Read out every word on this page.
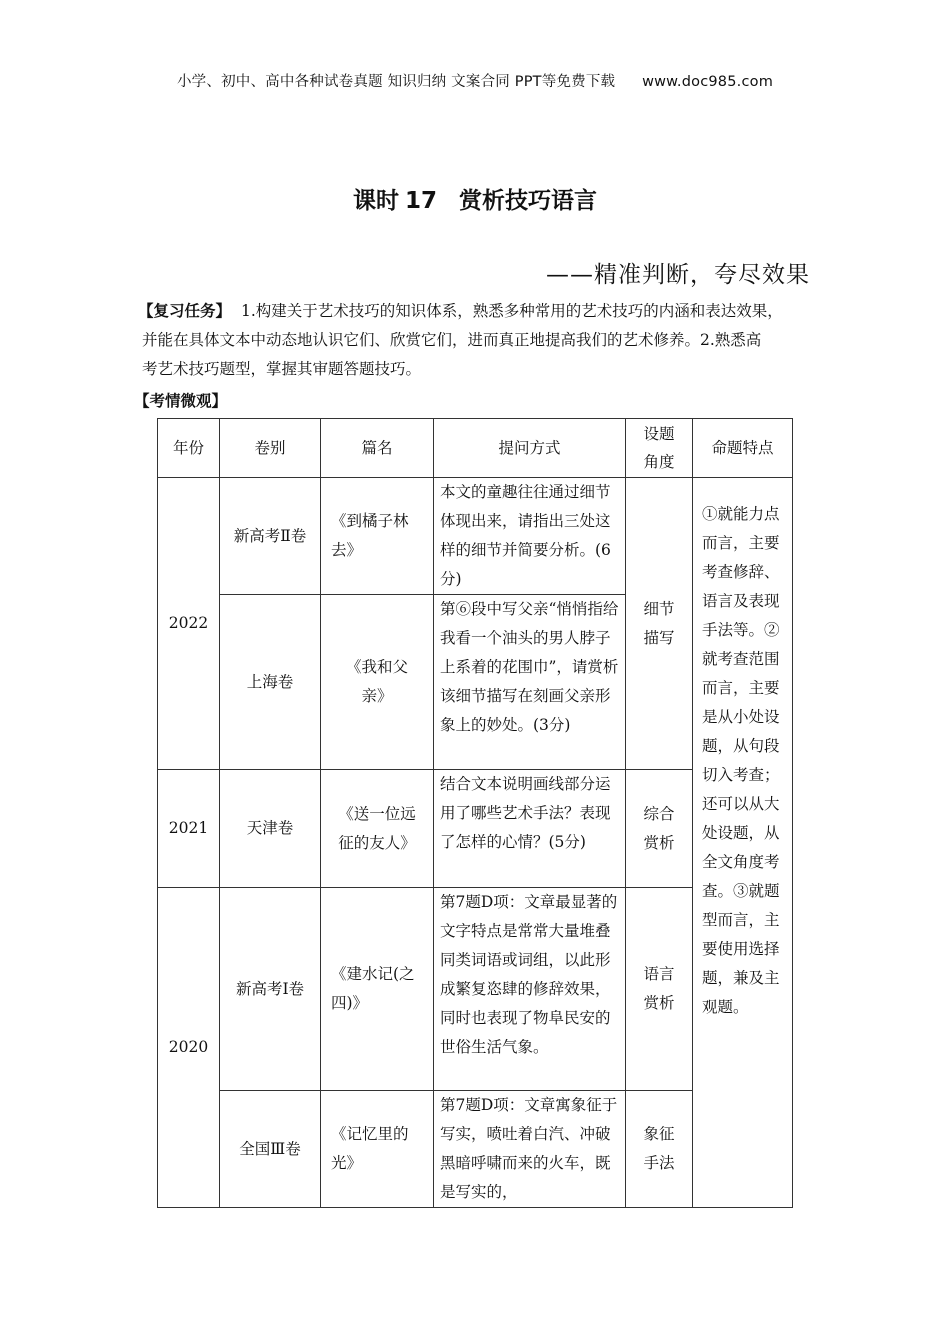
小学、初中、高中各种试卷真题 知识归纳 文案合同 PPT等免费下载 www.doc985.com
课时 17 赏析技巧语言
——精准判断，夸尽效果
【复习任务】 1.构建关于艺术技巧的知识体系，熟悉多种常用的艺术技巧的内涵和表达效果，
并能在具体文本中动态地认识它们、欣赏它们，进而真正地提高我们的艺术修养。2.熟悉高
考艺术技巧题型，掌握其审题答题技巧。
【考情微观】
年份	卷别	篇名	提问方式	设题角度	命题特点
2022	新高考Ⅱ卷	《到橘子林去》	本文的童趣往往通过细节体现出来，请指出三处这样的细节并简要分析。(6分)	细节描写	①就能力点而言，主要考查修辞、语言及表现手法等。②就考查范围而言，主要是从小处设题，从句段切入考查；还可以从大处设题，从全文角度考查。③就题型而言，主要使用选择题，兼及主观题。

	上海卷	《我和父亲》	第⑥段中写父亲“悄悄指给我看一个油头的男人脖子上系着的花围巾”，请赏析该细节描写在刻画父亲形象上的妙处。(3分)		
2021	天津卷	《送一位远征的友人》	结合文本说明画线部分运用了哪些艺术手法？表现了怎样的心情？(5分)	综合赏析	
2020	新高考Ⅰ卷	《建水记(之四)》	第7题D项：文章最显著的文字特点是常常大量堆叠同类词语或词组，以此形成繁复恣肆的修辞效果，同时也表现了物阜民安的世俗生活气象。	语言赏析	
	全国Ⅲ卷	《记忆里的光》	第7题D项：文章寓象征于写实，喷吐着白汽、冲破黑暗呼啸而来的火车，既是写实的，	象征手法	
